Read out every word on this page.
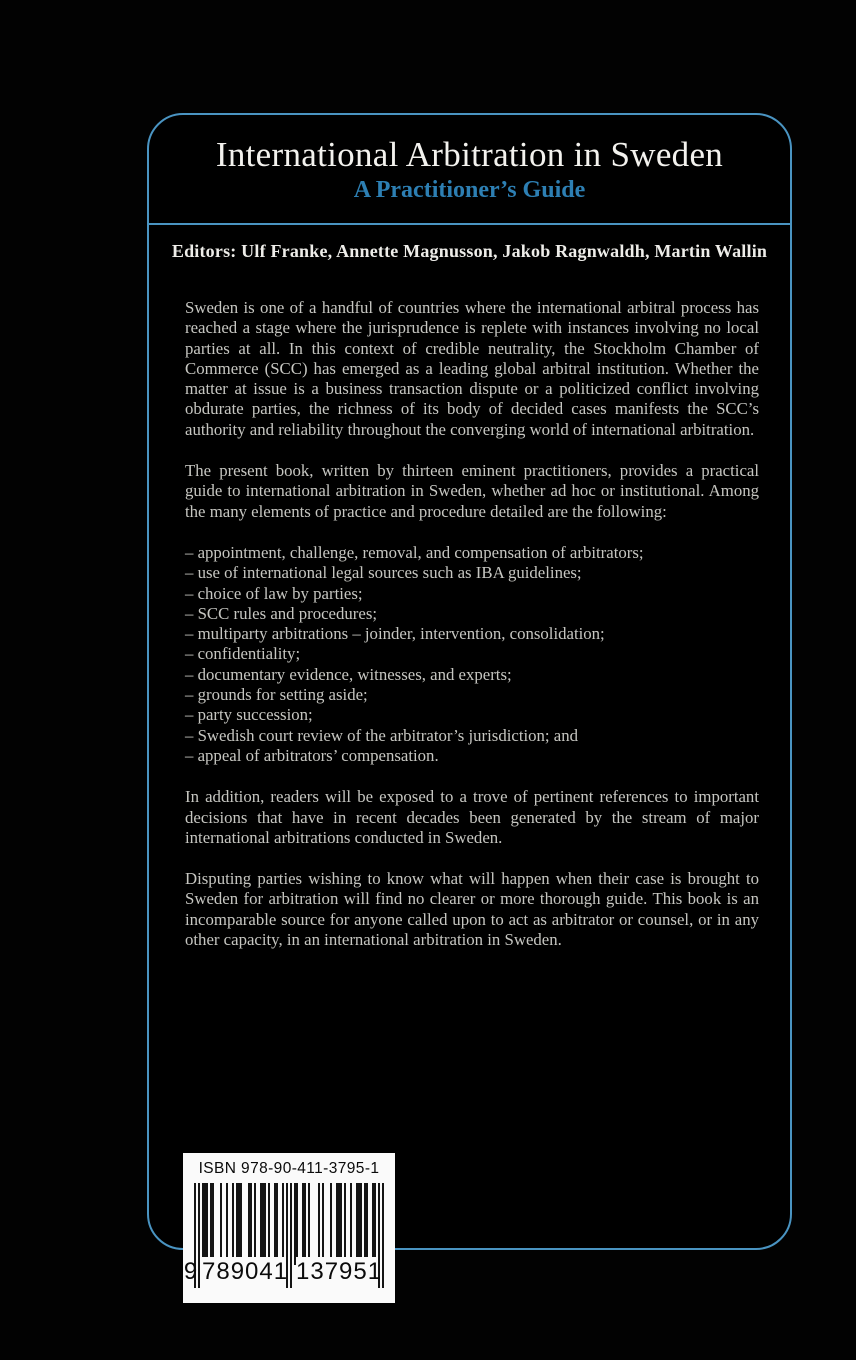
International Arbitration in Sweden
A Practitioner’s Guide
Editors: Ulf Franke, Annette Magnusson, Jakob Ragnwaldh, Martin Wallin

Sweden is one of a handful of countries where the international arbitral process has reached a stage where the jurisprudence is replete with instances involving no local parties at all. In this context of credible neutrality, the Stockholm Chamber of Commerce (SCC) has emerged as a leading global arbitral institution. Whether the matter at issue is a business transaction dispute or a politicized conflict involving obdurate parties, the richness of its body of decided cases manifests the SCC’s authority and reliability throughout the converging world of international arbitration.

The present book, written by thirteen eminent practitioners, provides a practical guide to international arbitration in Sweden, whether ad hoc or institutional. Among the many elements of practice and procedure detailed are the following:

– appointment, challenge, removal, and compensation of arbitrators;
– use of international legal sources such as IBA guidelines;
– choice of law by parties;
– SCC rules and procedures;
– multiparty arbitrations – joinder, intervention, consolidation;
– confidentiality;
– documentary evidence, witnesses, and experts;
– grounds for setting aside;
– party succession;
– Swedish court review of the arbitrator’s jurisdiction; and
– appeal of arbitrators’ compensation.

In addition, readers will be exposed to a trove of pertinent references to important decisions that have in recent decades been generated by the stream of major international arbitrations conducted in Sweden.

Disputing parties wishing to know what will happen when their case is brought to Sweden for arbitration will find no clearer or more thorough guide. This book is an incomparable source for anyone called upon to act as arbitrator or counsel, or in any other capacity, in an international arbitration in Sweden.

ISBN 978-90-411-3795-1
9 789041 137951
